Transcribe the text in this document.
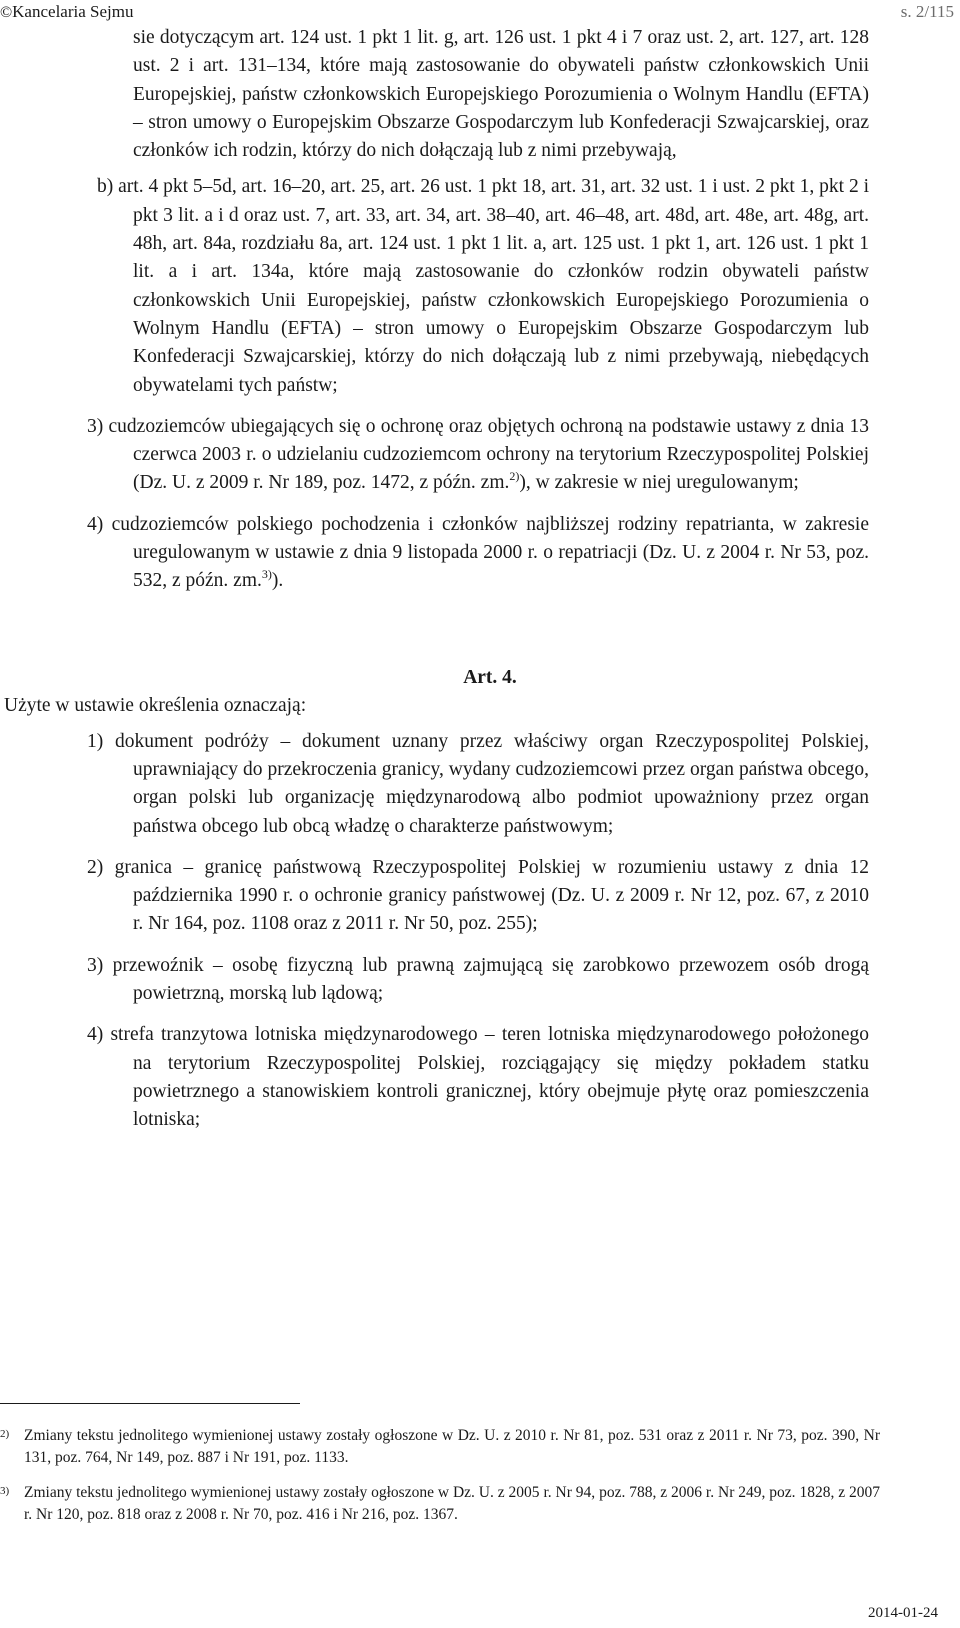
©Kancelaria Sejmu	s. 2/115
sie dotyczącym art. 124 ust. 1 pkt 1 lit. g, art. 126 ust. 1 pkt 4 i 7 oraz ust. 2, art. 127, art. 128 ust. 2 i art. 131–134, które mają zastosowanie do obywateli państw członkowskich Unii Europejskiej, państw członkowskich Europejskiego Porozumienia o Wolnym Handlu (EFTA) – stron umowy o Europejskim Obszarze Gospodarczym lub Konfederacji Szwajcarskiej, oraz członków ich rodzin, którzy do nich dołączają lub z nimi przebywają,
b) art. 4 pkt 5–5d, art. 16–20, art. 25, art. 26 ust. 1 pkt 18, art. 31, art. 32 ust. 1 i ust. 2 pkt 1, pkt 2 i pkt 3 lit. a i d oraz ust. 7, art. 33, art. 34, art. 38–40, art. 46–48, art. 48d, art. 48e, art. 48g, art. 48h, art. 84a, rozdziału 8a, art. 124 ust. 1 pkt 1 lit. a, art. 125 ust. 1 pkt 1, art. 126 ust. 1 pkt 1 lit. a i art. 134a, które mają zastosowanie do członków rodzin obywateli państw członkowskich Unii Europejskiej, państw członkowskich Europejskiego Porozumienia o Wolnym Handlu (EFTA) – stron umowy o Europejskim Obszarze Gospodarczym lub Konfederacji Szwajcarskiej, którzy do nich dołączają lub z nimi przebywają, niebędących obywatelami tych państw;
3) cudzoziemców ubiegających się o ochronę oraz objętych ochroną na podstawie ustawy z dnia 13 czerwca 2003 r. o udzielaniu cudzoziemcom ochrony na terytorium Rzeczypospolitej Polskiej (Dz. U. z 2009 r. Nr 189, poz. 1472, z późn. zm.$^{2)}$), w zakresie w niej uregulowanym;
4) cudzoziemców polskiego pochodzenia i członków najbliższej rodziny repatrianta, w zakresie uregulowanym w ustawie z dnia 9 listopada 2000 r. o repatriacji (Dz. U. z 2004 r. Nr 53, poz. 532, z późn. zm.$^{3)}$).
Art. 4.
Użyte w ustawie określenia oznaczają:
1) dokument podróży – dokument uznany przez właściwy organ Rzeczypospolitej Polskiej, uprawniający do przekroczenia granicy, wydany cudzoziemcowi przez organ państwa obcego, organ polski lub organizację międzynarodową albo podmiot upoważniony przez organ państwa obcego lub obcą władzę o charakterze państwowym;
2) granica – granicę państwową Rzeczypospolitej Polskiej w rozumieniu ustawy z dnia 12 października 1990 r. o ochronie granicy państwowej (Dz. U. z 2009 r. Nr 12, poz. 67, z 2010 r. Nr 164, poz. 1108 oraz z 2011 r. Nr 50, poz. 255);
3) przewoźnik – osobę fizyczną lub prawną zajmującą się zarobkowo przewozem osób drogą powietrzną, morską lub lądową;
4) strefa tranzytowa lotniska międzynarodowego – teren lotniska międzynarodowego położonego na terytorium Rzeczypospolitej Polskiej, rozciągający się między pokładem statku powietrznego a stanowiskiem kontroli granicznej, który obejmuje płytę oraz pomieszczenia lotniska;
2) Zmiany tekstu jednolitego wymienionej ustawy zostały ogłoszone w Dz. U. z 2010 r. Nr 81, poz. 531 oraz z 2011 r. Nr 73, poz. 390, Nr 131, poz. 764, Nr 149, poz. 887 i Nr 191, poz. 1133.
3) Zmiany tekstu jednolitego wymienionej ustawy zostały ogłoszone w Dz. U. z 2005 r. Nr 94, poz. 788, z 2006 r. Nr 249, poz. 1828, z 2007 r. Nr 120, poz. 818 oraz z 2008 r. Nr 70, poz. 416 i Nr 216, poz. 1367.
2014-01-24
